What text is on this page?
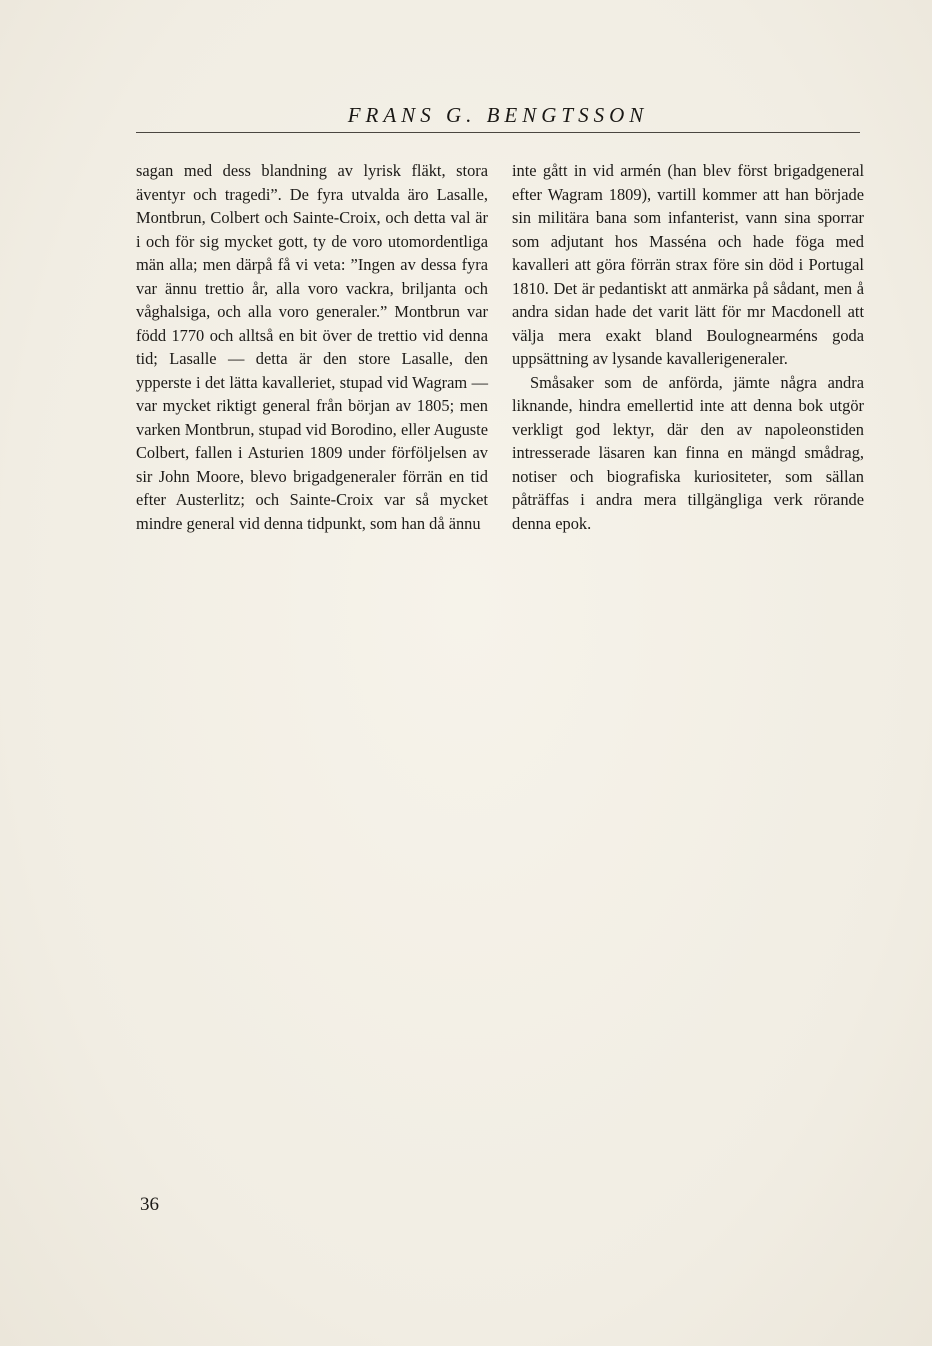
FRANS G. BENGTSSON

sagan med dess blandning av lyrisk fläkt, stora äventyr och tragedi”. De fyra utvalda äro Lasalle, Montbrun, Colbert och Sainte-Croix, och detta val är i och för sig mycket gott, ty de voro utomordentliga män alla; men därpå få vi veta: ”Ingen av dessa fyra var ännu trettio år, alla voro vackra, briljanta och våghalsiga, och alla voro generaler.” Montbrun var född 1770 och alltså en bit över de trettio vid denna tid; Lasalle — detta är den store Lasalle, den ypperste i det lätta kavalleriet, stupad vid Wagram — var mycket riktigt general från början av 1805; men varken Montbrun, stupad vid Borodino, eller Auguste Colbert, fallen i Asturien 1809 under förföljelsen av sir John Moore, blevo brigadgeneraler förrän en tid efter Austerlitz; och Sainte-Croix var så mycket mindre general vid denna tidpunkt, som han då ännu

inte gått in vid armén (han blev först brigadgeneral efter Wagram 1809), vartill kommer att han började sin militära bana som infanterist, vann sina sporrar som adjutant hos Masséna och hade föga med kavalleri att göra förrän strax före sin död i Portugal 1810. Det är pedantiskt att anmärka på sådant, men å andra sidan hade det varit lätt för mr Macdonell att välja mera exakt bland Boulognearméns goda uppsättning av lysande kavallerigeneraler.

Småsaker som de anförda, jämte några andra liknande, hindra emellertid inte att denna bok utgör verkligt god lektyr, där den av napoleonstiden intresserade läsaren kan finna en mängd smådrag, notiser och biografiska kuriositeter, som sällan påträffas i andra mera tillgängliga verk rörande denna epok.

36
